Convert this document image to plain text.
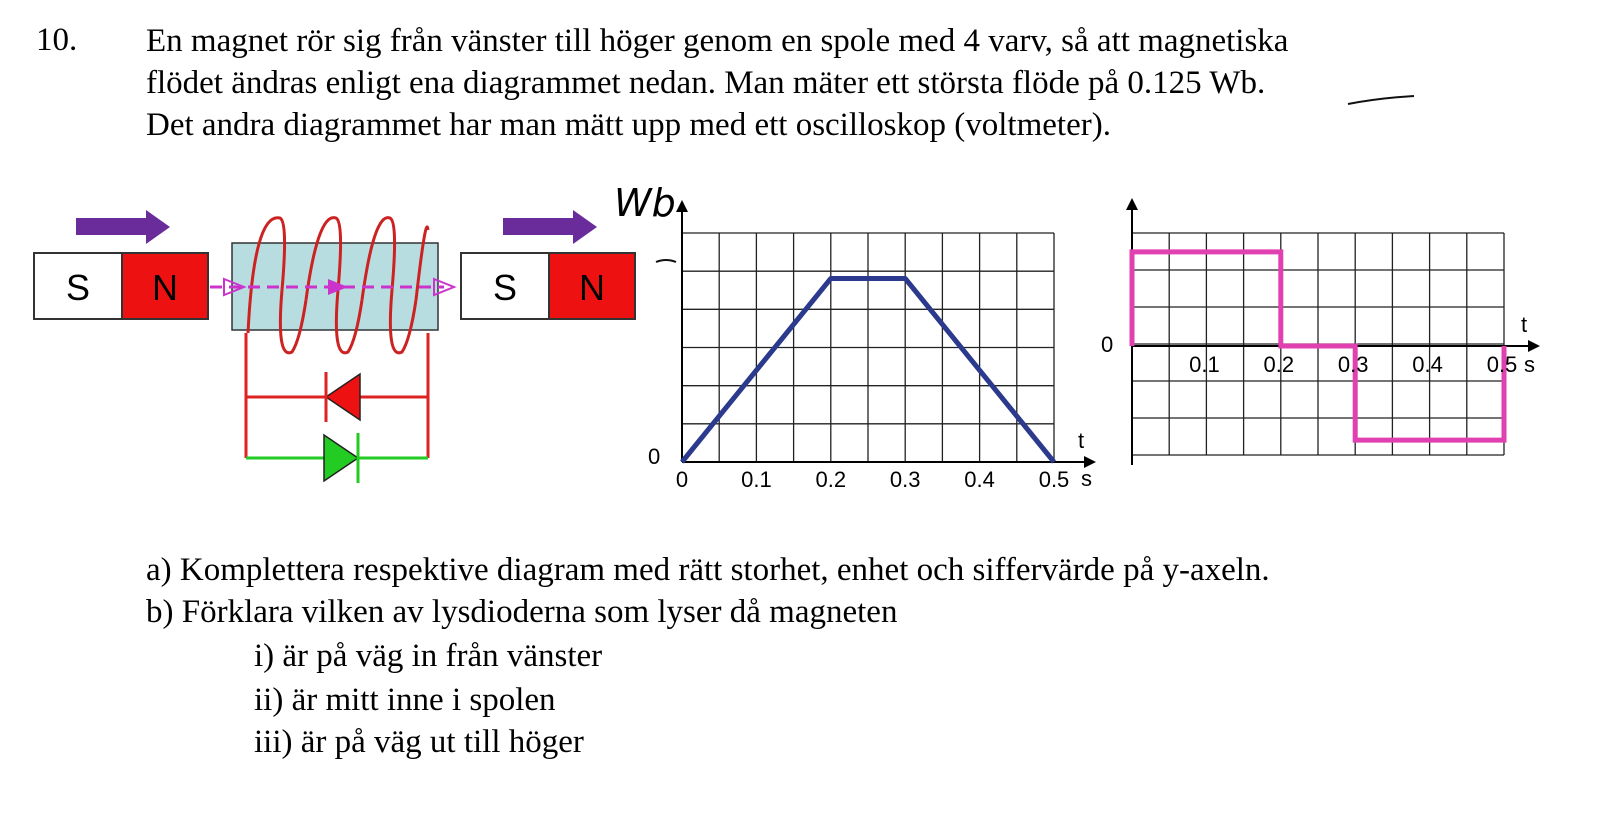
10. En magnet rör sig från vänster till höger genom en spole med 4 varv, så att magnetiska
flödet ändras enligt ena diagrammet nedan. Man mäter ett största flöde på 0.125 Wb.
Det andra diagrammet har man mätt upp med ett oscilloskop (voltmeter).
S N	S N
0 0.1 0.2 0.3 0.4 0.5
t
s
0
Wb
0.1 0.2 0.3 0.4 0.5
t
s
0
a) Komplettera respektive diagram med rätt storhet, enhet och siffervärde på y-axeln.
b) Förklara vilken av lysdioderna som lyser då magneten
i) är på väg in från vänster
ii) är mitt inne i spolen
iii) är på väg ut till höger
